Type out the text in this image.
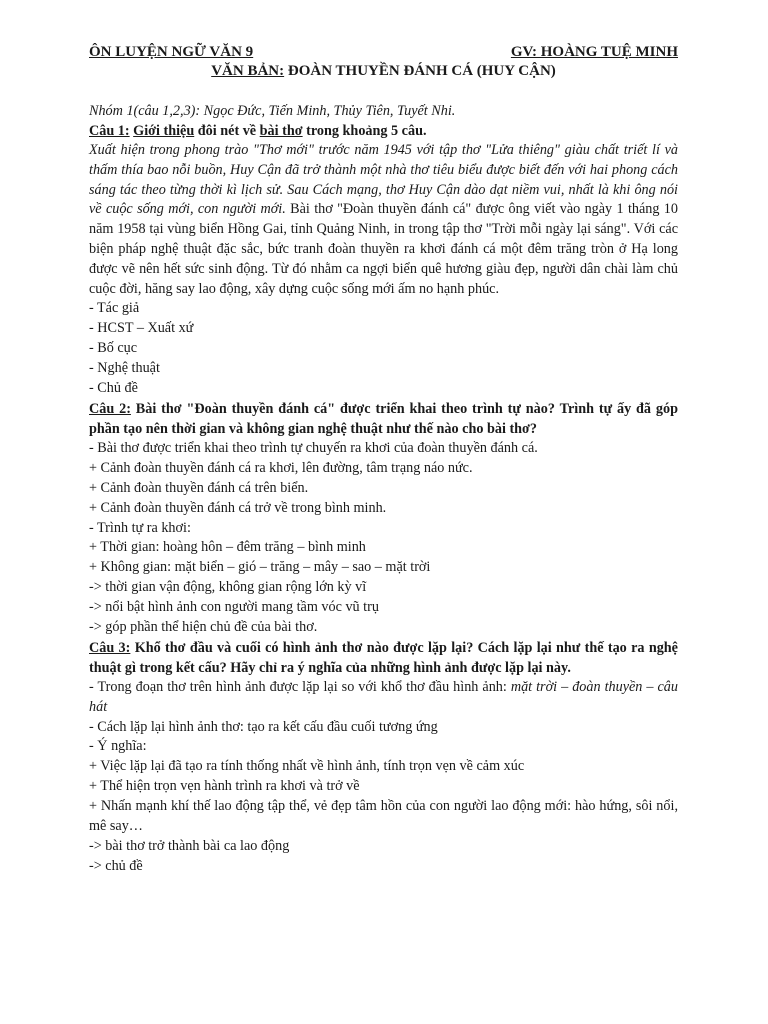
ÔN LUYỆN NGỮ VĂN 9	GV: HOÀNG TUỆ MINH
VĂN BẢN: ĐOÀN THUYỀN ĐÁNH CÁ (HUY CẬN)
Nhóm 1(câu 1,2,3): Ngọc Đức, Tiến Minh, Thủy Tiên, Tuyết Nhi.
Câu 1: Giới thiệu đôi nét về bài thơ trong khoảng 5 câu.
Xuất hiện trong phong trào "Thơ mới" trước năm 1945 với tập thơ "Lửa thiêng" giàu chất triết lí và thấm thía bao nỗi buồn, Huy Cận đã trở thành một nhà thơ tiêu biểu được biết đến với hai phong cách sáng tác theo từng thời kì lịch sử. Sau Cách mạng, thơ Huy Cận dào dạt niềm vui, nhất là khi ông nói về cuộc sống mới, con người mới. Bài thơ "Đoàn thuyền đánh cá" được ông viết vào ngày 1 tháng 10 năm 1958 tại vùng biển Hồng Gai, tỉnh Quảng Ninh, in trong tập thơ "Trời mỗi ngày lại sáng". Với các biện pháp nghệ thuật đặc sắc, bức tranh đoàn thuyền ra khơi đánh cá một đêm trăng tròn ở Hạ long được vẽ nên hết sức sinh động. Từ đó nhằm ca ngợi biển quê hương giàu đẹp, người dân chài làm chủ cuộc đời, hăng say lao động, xây dựng cuộc sống mới ấm no hạnh phúc.
- Tác giả
- HCST – Xuất xứ
- Bố cục
- Nghệ thuật
- Chủ đề
Câu 2: Bài thơ "Đoàn thuyền đánh cá" được triển khai theo trình tự nào? Trình tự ấy đã góp phần tạo nên thời gian và không gian nghệ thuật như thế nào cho bài thơ?
- Bài thơ được triển khai theo trình tự chuyến ra khơi của đoàn thuyền đánh cá.
+ Cảnh đoàn thuyền đánh cá ra khơi, lên đường, tâm trạng náo nức.
+ Cảnh đoàn thuyền đánh cá trên biển.
+ Cảnh đoàn thuyền đánh cá trở về trong bình minh.
- Trình tự ra khơi:
+ Thời gian: hoàng hôn – đêm trăng – bình minh
+ Không gian: mặt biển – gió – trăng – mây – sao – mặt trời
-> thời gian vận động, không gian rộng lớn kỳ vĩ
-> nổi bật hình ảnh con người mang tầm vóc vũ trụ
-> góp phần thể hiện chủ đề của bài thơ.
Câu 3: Khổ thơ đầu và cuối có hình ảnh thơ nào được lặp lại? Cách lặp lại như thế tạo ra nghệ thuật gì trong kết cấu? Hãy chỉ ra ý nghĩa của những hình ảnh được lặp lại này.
- Trong đoạn thơ trên hình ảnh được lặp lại so với khổ thơ đầu hình ảnh: mặt trời – đoàn thuyền – câu hát
- Cách lặp lại hình ảnh thơ: tạo ra kết cấu đầu cuối tương ứng
- Ý nghĩa:
+ Việc lặp lại đã tạo ra tính thống nhất về hình ảnh, tính trọn vẹn về cảm xúc
+ Thể hiện trọn vẹn hành trình ra khơi và trở về
+ Nhấn mạnh khí thế lao động tập thể, vẻ đẹp tâm hồn của con người lao động mới: hào hứng, sôi nổi, mê say…
-> bài thơ trở thành bài ca lao động
-> chủ đề
